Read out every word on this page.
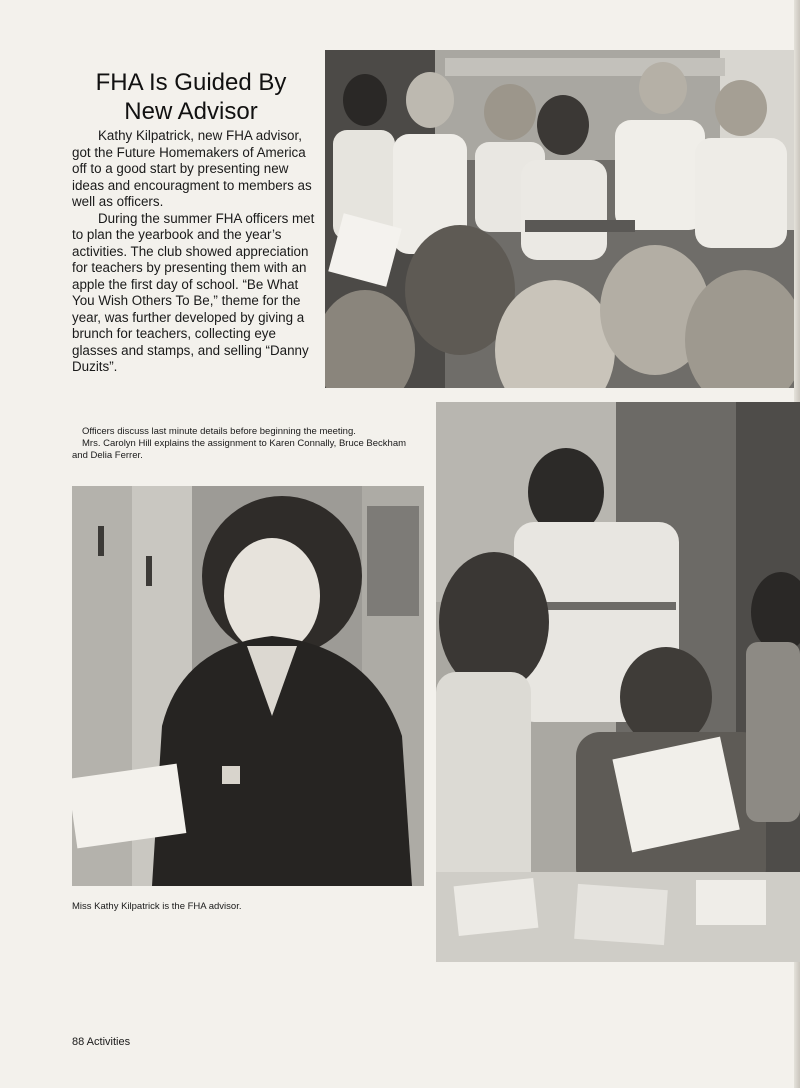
FHA Is Guided By
New Advisor

Kathy Kilpatrick, new FHA advisor, got the Future Homemakers of America off to a good start by presenting new ideas and encouragment to members as well as officers.

During the summer FHA officers met to plan the yearbook and the year’s activities. The club showed appreciation for teachers by presenting them with an apple the first day of school. “Be What You Wish Others To Be,” theme for the year, was further developed by giving a brunch for teachers, collecting eye glasses and stamps, and selling “Danny Duzits”.

Officers discuss last minute details before beginning the meeting.

Mrs. Carolyn Hill explains the assignment to Karen Connally, Bruce Beckham and Delia Ferrer.

Miss Kathy Kilpatrick is the FHA advisor.
88 Activities
